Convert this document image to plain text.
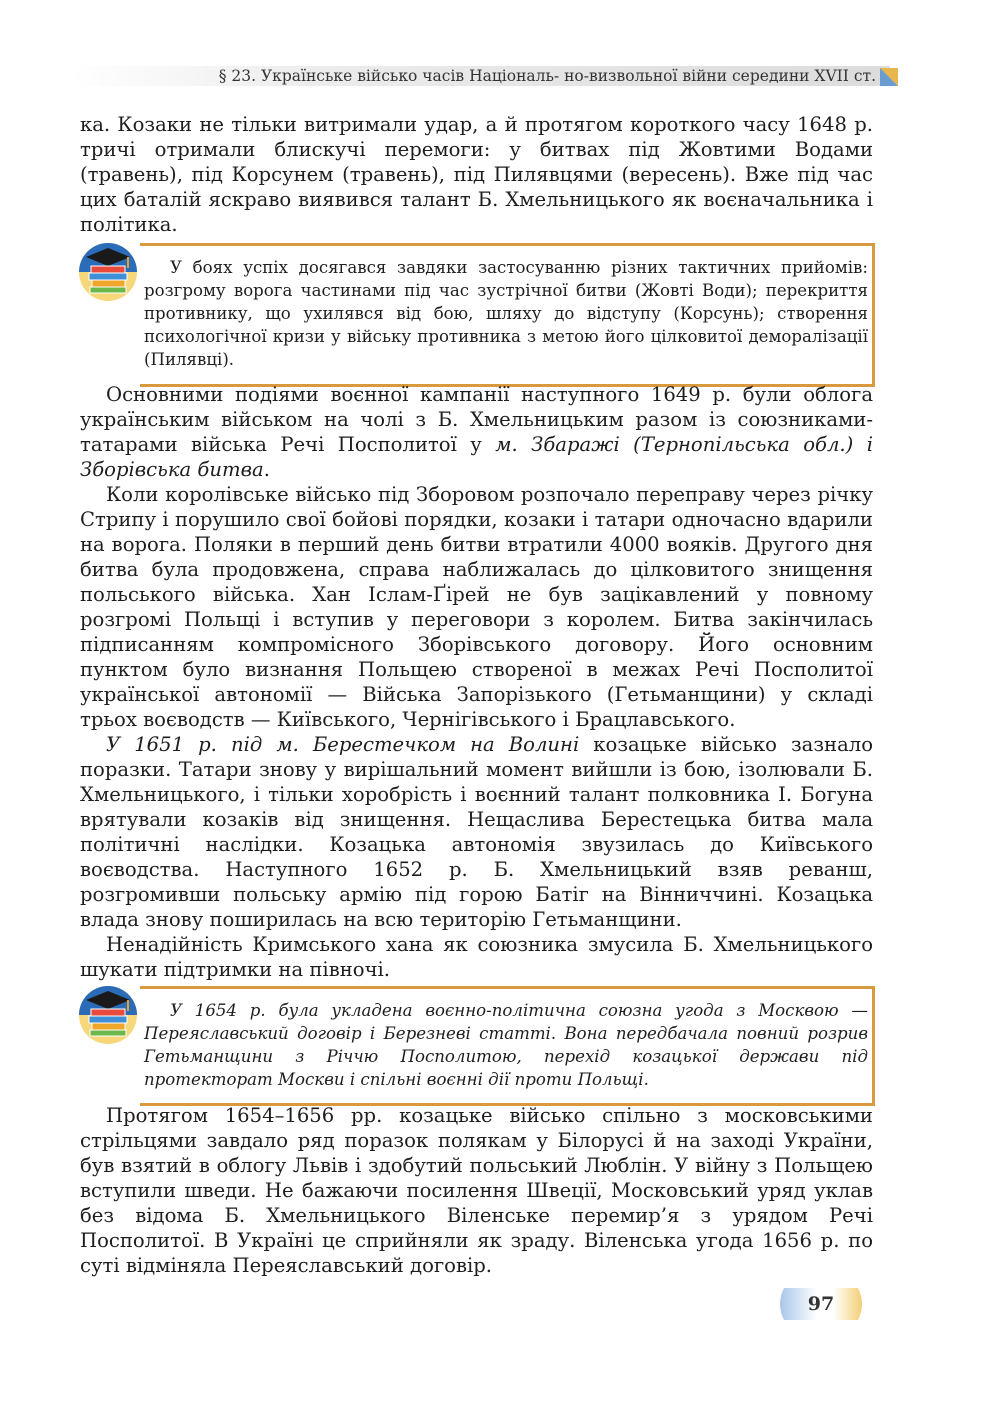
§ 23. Українське військо часів Національ- но-визвольної війни середини XVII ст.

ка. Козаки не тільки витримали удар, а й протягом короткого часу 1648 р. тричі отримали блискучі перемоги: у битвах під Жовтими Водами (травень), під Корсунем (травень), під Пилявцями (вересень). Вже під час цих баталій яскраво виявився талант Б. Хмельницького як воєначальника і політика.

У боях успіх досягався завдяки застосуванню різних тактичних прийомів: розгрому ворога частинами під час зустрічної битви (Жовті Води); перекриття противнику, що ухилявся від бою, шляху до відступу (Корсунь); створення психологічної кризи у війську противника з метою його цілковитої деморалізації (Пилявці).

Основними подіями воєнної кампанії наступного 1649 р. були облога українським військом на чолі з Б. Хмельницьким разом із союзниками-татарами війська Речі Посполитої у м. Збаражі (Тернопільська обл.) і Зборівська битва.

Коли королівське військо під Зборовом розпочало переправу через річку Стрипу і порушило свої бойові порядки, козаки і татари одночасно вдарили на ворога. Поляки в перший день битви втратили 4000 вояків. Другого дня битва була продовжена, справа наближалась до цілковитого знищення польського війська. Хан Іслам-Ґірей не був зацікавлений у повному розгромі Польщі і вступив у переговори з королем. Битва закінчилась підписанням компромісного Зборівського договору. Його основним пунктом було визнання Польщею створеної в межах Речі Посполитої української автономії — Війська Запорізького (Гетьманщини) у складі трьох воєводств — Київського, Чернігівського і Брацлавського.

У 1651 р. під м. Берестечком на Волині козацьке військо зазнало поразки. Татари знову у вирішальний момент вийшли із бою, ізолювали Б. Хмельницького, і тільки хоробрість і воєнний талант полковника І. Богуна врятували козаків від знищення. Нещаслива Берестецька битва мала політичні наслідки. Козацька автономія звузилась до Київського воєводства. Наступного 1652 р. Б. Хмельницький взяв реванш, розгромивши польську армію під горою Батіг на Вінниччині. Козацька влада знову поширилась на всю територію Гетьманщини.

Ненадійність Кримського хана як союзника змусила Б. Хмельницького шукати підтримки на півночі.

У 1654 р. була укладена воєнно-політична союзна угода з Москвою — Переяславський договір і Березневі статті. Вона передбачала повний розрив Гетьманщини з Річчю Посполитою, перехід козацької держави під протекторат Москви і спільні воєнні дії проти Польщі.

Протягом 1654–1656 рр. козацьке військо спільно з московськими стрільцями завдало ряд поразок полякам у Білорусі й на заході України, був взятий в облогу Львів і здобутий польський Люблін. У війну з Польщею вступили шведи. Не бажаючи посилення Швеції, Московський уряд уклав без відома Б. Хмельницького Віленське перемир’я з урядом Речі Посполитої. В Україні це сприйняли як зраду. Віленська угода 1656 р. по суті відміняла Переяславський договір.

97
